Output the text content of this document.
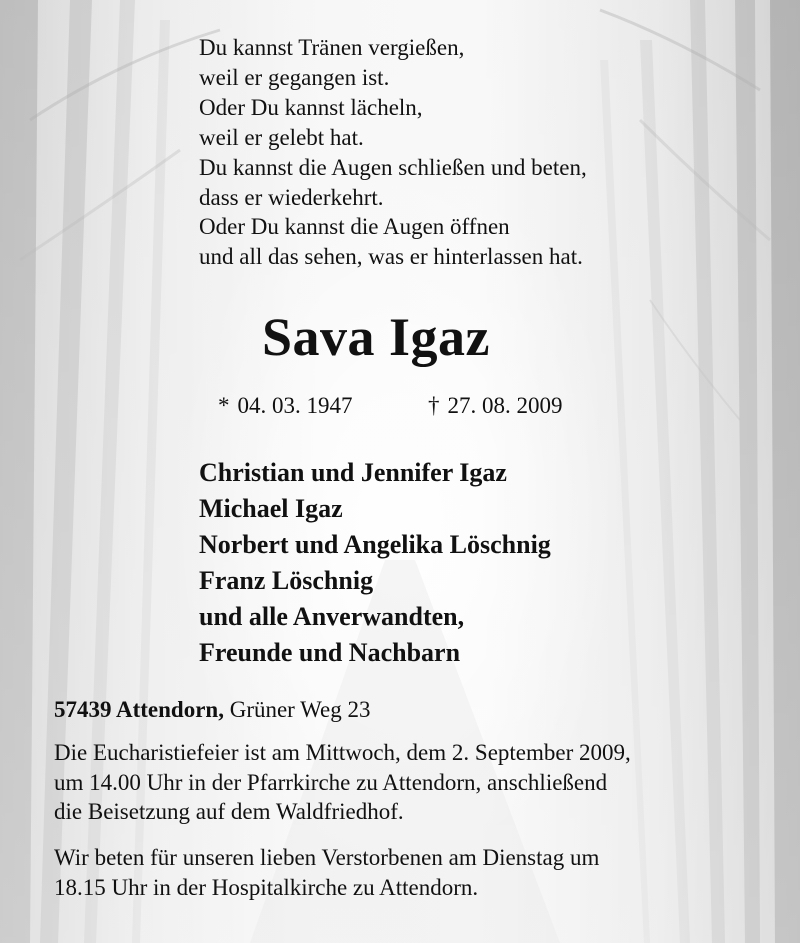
Du kannst Tränen vergießen,
weil er gegangen ist.
Oder Du kannst lächeln,
weil er gelebt hat.
Du kannst die Augen schließen und beten,
dass er wiederkehrt.
Oder Du kannst die Augen öffnen
und all das sehen, was er hinterlassen hat.
Sava Igaz
* 04. 03. 1947	† 27. 08. 2009
Christian und Jennifer Igaz
Michael Igaz
Norbert und Angelika Löschnig
Franz Löschnig
und alle Anverwandten,
Freunde und Nachbarn
57439 Attendorn, Grüner Weg 23
Die Eucharistiefeier ist am Mittwoch, dem 2. September 2009,
um 14.00 Uhr in der Pfarrkirche zu Attendorn, anschließend
die Beisetzung auf dem Waldfriedhof.
Wir beten für unseren lieben Verstorbenen am Dienstag um
18.15 Uhr in der Hospitalkirche zu Attendorn.
